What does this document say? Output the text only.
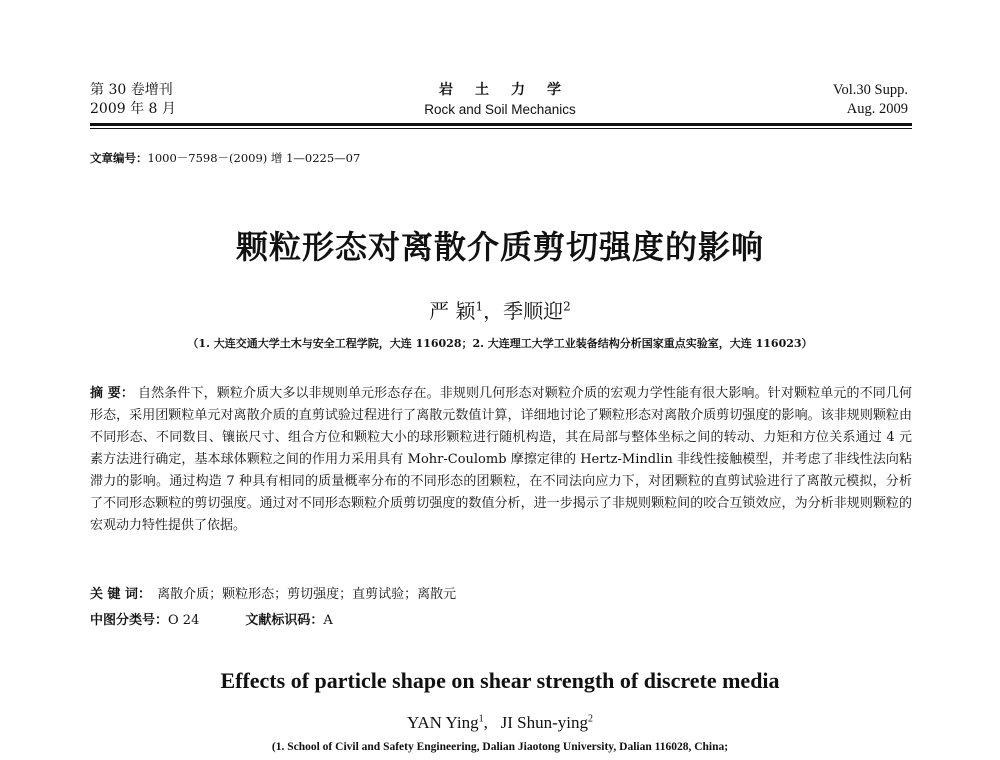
第 30 卷增刊
2009 年 8 月
岩土力学
Rock and Soil Mechanics
Vol.30 Supp.
Aug. 2009
文章编号：1000－7598－(2009) 增 1—0225—07
颗粒形态对离散介质剪切强度的影响
严 颖$^1$，季顺迎$^2$
（1. 大连交通大学土木与安全工程学院，大连 116028；2. 大连理工大学工业装备结构分析国家重点实验室，大连 116023）
摘 要： 自然条件下，颗粒介质大多以非规则单元形态存在。非规则几何形态对颗粒介质的宏观力学性能有很大影响。针对颗粒单元的不同几何形态，采用团颗粒单元对离散介质的直剪试验过程进行了离散元数值计算，详细地讨论了颗粒形态对离散介质剪切强度的影响。该非规则颗粒由不同形态、不同数目、镶嵌尺寸、组合方位和颗粒大小的球形颗粒进行随机构造，其在局部与整体坐标之间的转动、力矩和方位关系通过 4 元素方法进行确定，基本球体颗粒之间的作用力采用具有 Mohr-Coulomb 摩擦定律的 Hertz-Mindlin 非线性接触模型，并考虑了非线性法向粘滞力的影响。通过构造 7 种具有相同的质量概率分布的不同形态的团颗粒，在不同法向应力下，对团颗粒的直剪试验进行了离散元模拟，分析了不同形态颗粒的剪切强度。通过对不同形态颗粒介质剪切强度的数值分析，进一步揭示了非规则颗粒间的咬合互锁效应，为分析非规则颗粒的宏观动力特性提供了依据。
关 键 词： 离散介质；颗粒形态；剪切强度；直剪试验；离散元
中图分类号：O 24	文献标识码：A
Effects of particle shape on shear strength of discrete media
YAN Ying$^1$, JI Shun-ying$^2$
(1. School of Civil and Safety Engineering, Dalian Jiaotong University, Dalian 116028, China;
